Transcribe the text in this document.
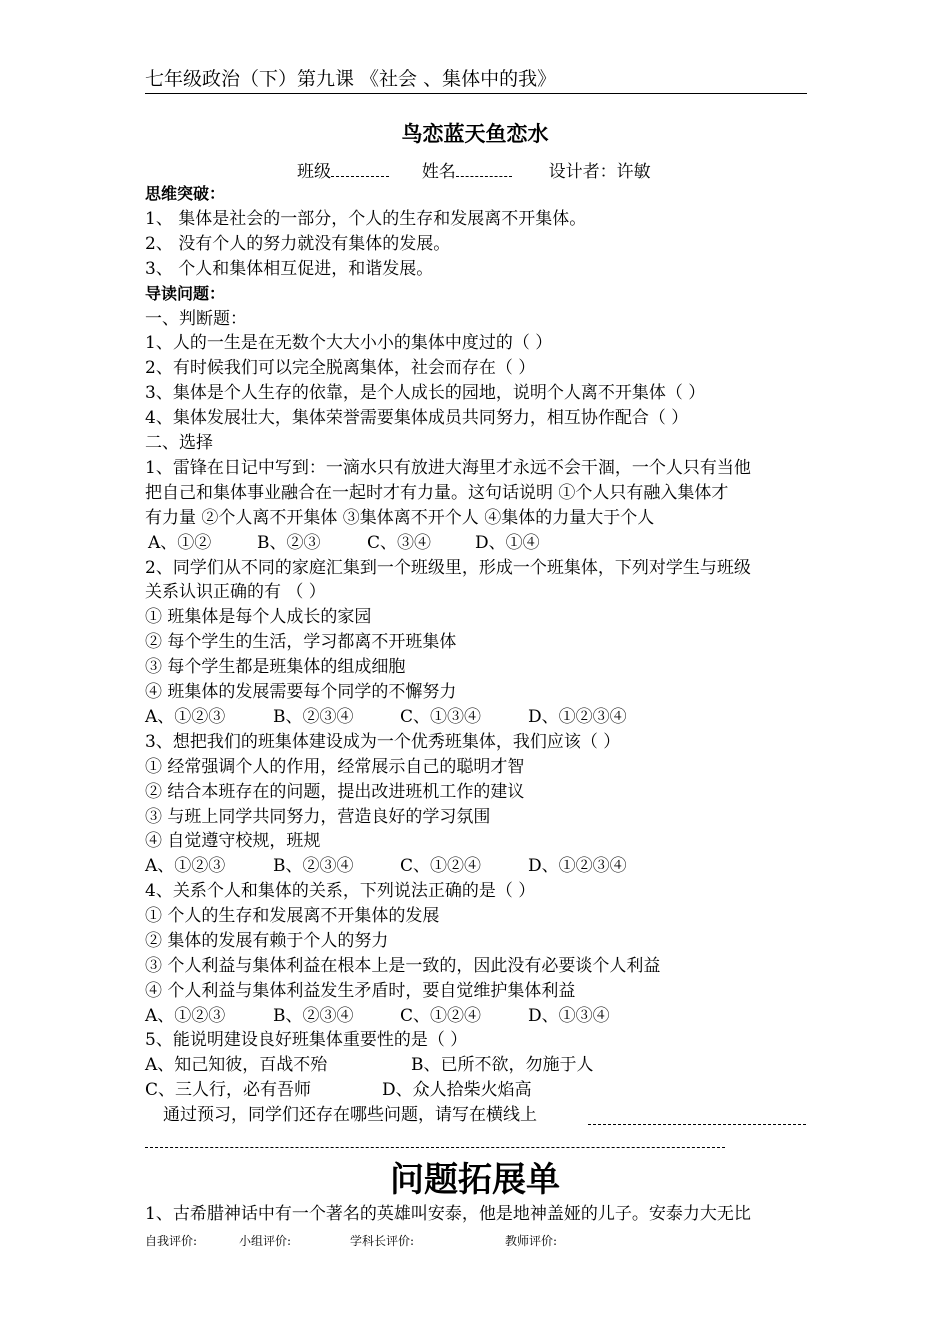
七年级政治（下）第九课 《社会 、集体中的我》
鸟恋蓝天鱼恋水
班级	姓名	设计者：许敏
思维突破：
1、 集体是社会的一部分，个人的生存和发展离不开集体。
2、 没有个人的努力就没有集体的发展。
3、 个人和集体相互促进，和谐发展。
导读问题：
一、判断题：
1、人的一生是在无数个大大小小的集体中度过的（ ）
2、有时候我们可以完全脱离集体，社会而存在（ ）
3、集体是个人生存的依靠，是个人成长的园地，说明个人离不开集体（ ）
4、集体发展壮大，集体荣誉需要集体成员共同努力，相互协作配合（ ）
二、选择
1、雷锋在日记中写到：一滴水只有放进大海里才永远不会干涸，一个人只有当他
把自己和集体事业融合在一起时才有力量。这句话说明 ①个人只有融入集体才
有力量 ②个人离不开集体 ③集体离不开个人 ④集体的力量大于个人
A、①②	B、②③	C、③④	D、①④
2、同学们从不同的家庭汇集到一个班级里，形成一个班集体，下列对学生与班级
关系认识正确的有 （ ）
① 班集体是每个人成长的家园
② 每个学生的生活，学习都离不开班集体
③ 每个学生都是班集体的组成细胞
④ 班集体的发展需要每个同学的不懈努力
A、①②③	B、②③④	C、①③④	D、①②③④
3、想把我们的班集体建设成为一个优秀班集体，我们应该（ ）
① 经常强调个人的作用，经常展示自己的聪明才智
② 结合本班存在的问题，提出改进班机工作的建议
③ 与班上同学共同努力，营造良好的学习氛围
④ 自觉遵守校规，班规
A、①②③	B、②③④	C、①②④	D、①②③④
4、关系个人和集体的关系，下列说法正确的是（ ）
① 个人的生存和发展离不开集体的发展
② 集体的发展有赖于个人的努力
③ 个人利益与集体利益在根本上是一致的，因此没有必要谈个人利益
④ 个人利益与集体利益发生矛盾时，要自觉维护集体利益
A、①②③	B、②③④	C、①②④	D、①③④
5、能说明建设良好班集体重要性的是（ ）
A、知己知彼，百战不殆	B、已所不欲，勿施于人
C、三人行，必有吾师	D、众人拾柴火焰高
通过预习，同学们还存在哪些问题，请写在横线上
问题拓展单
1、古希腊神话中有一个著名的英雄叫安泰，他是地神盖娅的儿子。安泰力大无比
自我评价:	小组评价:	学科长评价:	教师评价:
